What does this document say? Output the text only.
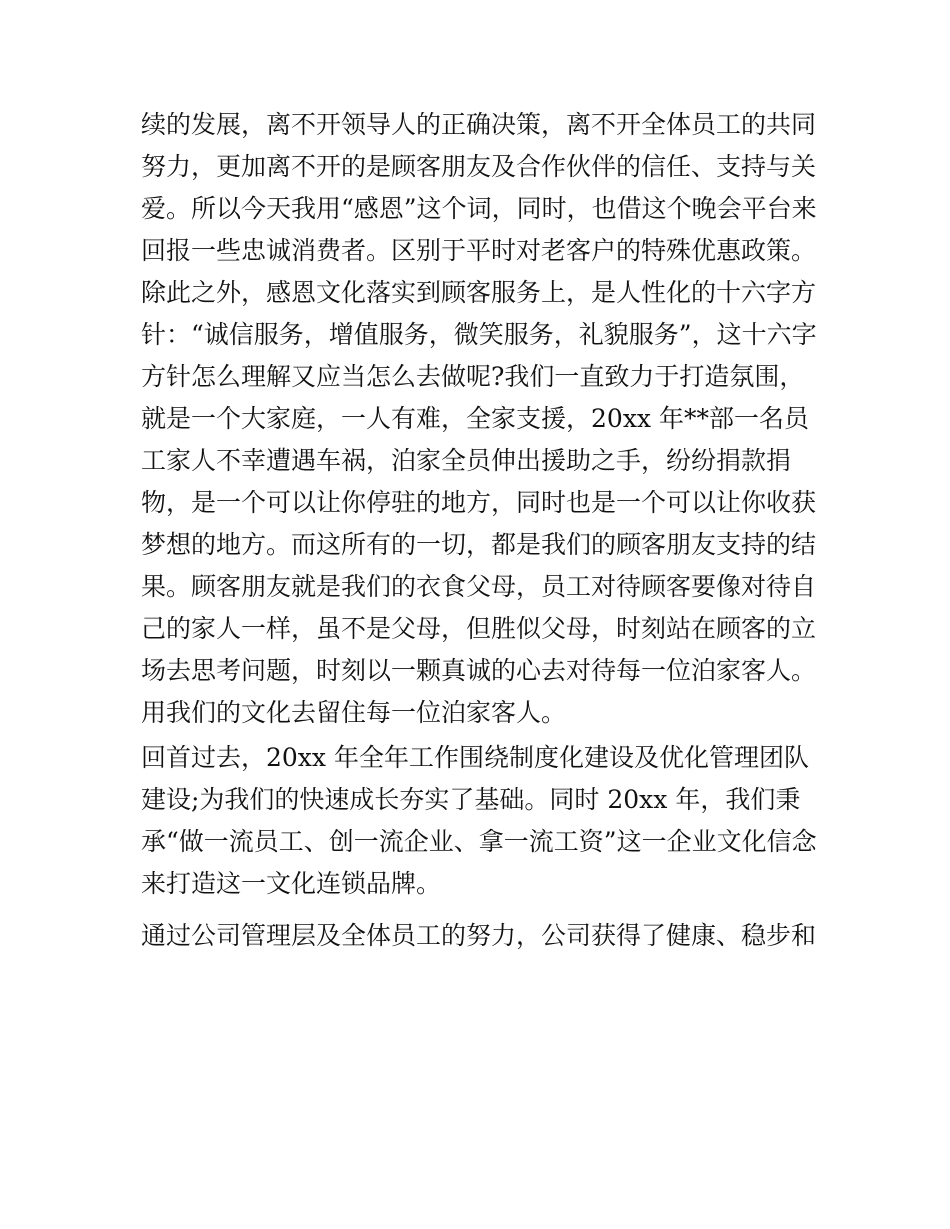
续的发展，离不开领导人的正确决策，离不开全体员工的共同

努力，更加离不开的是顾客朋友及合作伙伴的信任、支持与关

爱。所以今天我用“感恩”这个词，同时，也借这个晚会平台来

回报一些忠诚消费者。区别于平时对老客户的特殊优惠政策。

除此之外，感恩文化落实到顾客服务上，是人性化的十六字方

针：“诚信服务，增值服务，微笑服务，礼貌服务”，这十六字

方针怎么理解又应当怎么去做呢?我们一直致力于打造氛围，

就是一个大家庭，一人有难，全家支援，20xx 年**部一名员

工家人不幸遭遇车祸，泊家全员伸出援助之手，纷纷捐款捐

物，是一个可以让你停驻的地方，同时也是一个可以让你收获

梦想的地方。而这所有的一切，都是我们的顾客朋友支持的结

果。顾客朋友就是我们的衣食父母，员工对待顾客要像对待自

己的家人一样，虽不是父母，但胜似父母，时刻站在顾客的立

场去思考问题，时刻以一颗真诚的心去对待每一位泊家客人。

用我们的文化去留住每一位泊家客人。

回首过去，20xx 年全年工作围绕制度化建设及优化管理团队

建设;为我们的快速成长夯实了基础。同时 20xx 年，我们秉

承“做一流员工、创一流企业、拿一流工资”这一企业文化信念

来打造这一文化连锁品牌。

通过公司管理层及全体员工的努力，公司获得了健康、稳步和
